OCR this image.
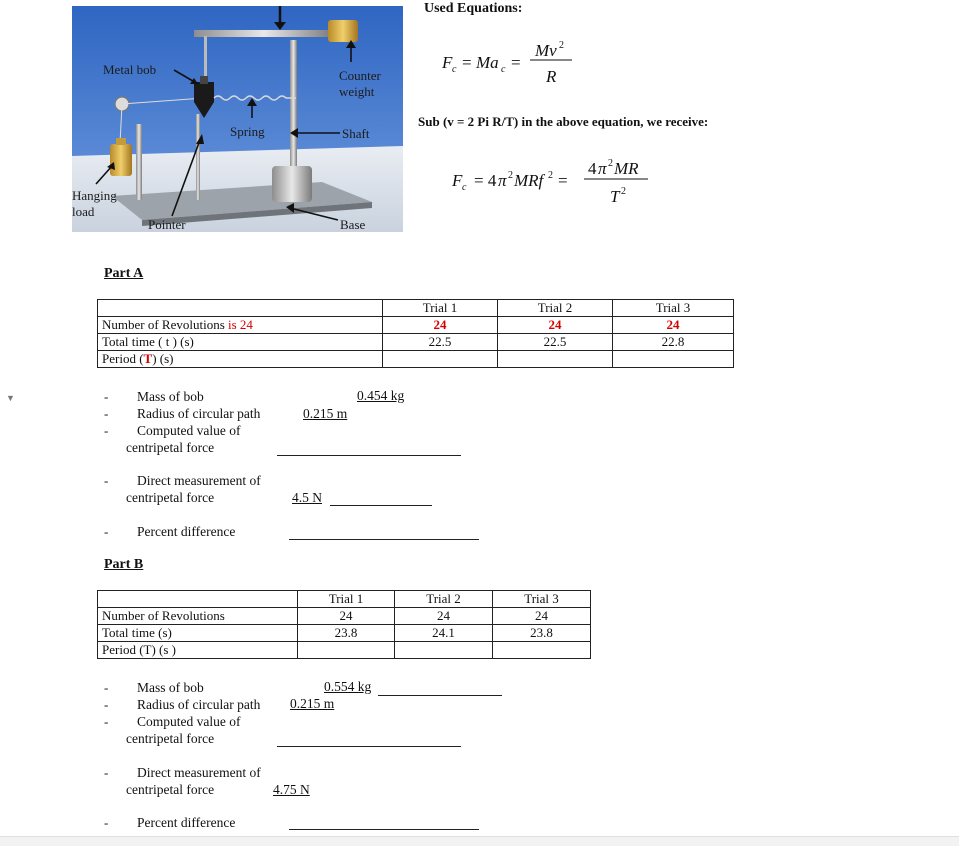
Metal bob	Counter
weight
Spring	Shaft
Hanging
load
Pointer	Base
Used Equations:
F c = Ma c =
Mv 2
R
Sub (v = 2 Pi R/T) in the above equation, we receive:
F c = 4 π 2 MRf 2 =
4 π 2 MR
T 2
Part A
	Trial 1	Trial 2	Trial 3
Number of Revolutions is 24	24	24	24
Total time ( t ) (s)	22.5	22.5	22.8
Period (T) (s)			
▼	- Mass of bob	0.454 kg
- Radius of circular path	0.215 m
- Computed value of
centripetal force
- Direct measurement of
centripetal force	4.5 N
- Percent difference
Part B
	Trial 1	Trial 2	Trial 3
Number of Revolutions	24	24	24
Total time (s)	23.8	24.1	23.8
Period (T) (s )			
- Mass of bob	0.554 kg
- Radius of circular path 0.215 m
- Computed value of
centripetal force
- Direct measurement of
centripetal force	4.75 N
- Percent difference
